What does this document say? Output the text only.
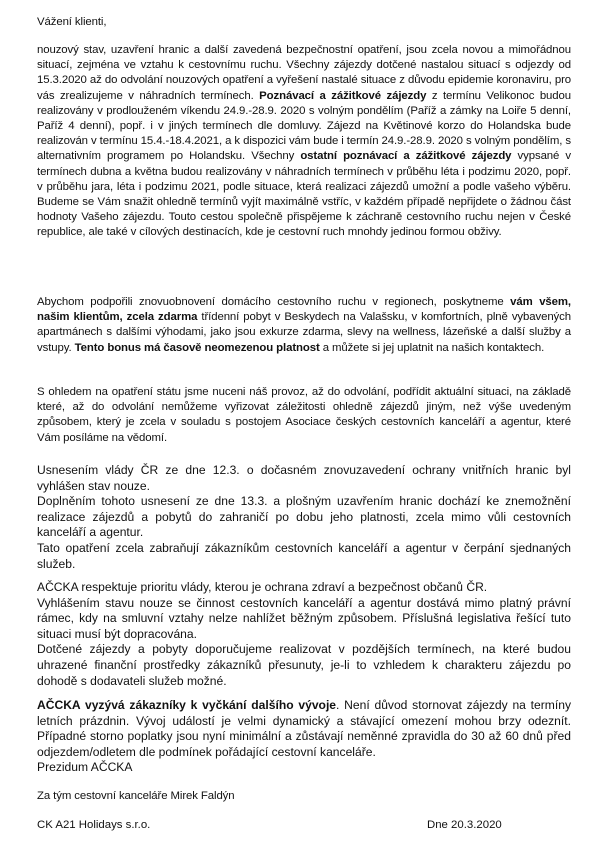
Vážení klienti,

nouzový stav, uzavření hranic a další zavedená bezpečnostní opatření, jsou zcela novou a mimořádnou situací, zejména ve vztahu k cestovnímu ruchu. Všechny zájezdy dotčené nastalou situací s odjezdy od 15.3.2020 až do odvolání nouzových opatření a vyřešení nastalé situace z důvodu epidemie koronaviru, pro vás zrealizujeme v náhradních termínech. Poznávací a zážitkové zájezdy z termínu Velikonoc budou realizovány v prodlouženém víkendu 24.9.-28.9. 2020 s volným pondělím (Paříž a zámky na Loiře 5 denní, Paříž 4 denní), popř. i v jiných termínech dle domluvy. Zájezd na Květinové korzo do Holandska bude realizován v termínu 15.4.-18.4.2021, a k dispozici vám bude i termín 24.9.-28.9. 2020 s volným pondělím, s alternativním programem po Holandsku. Všechny ostatní poznávací a zážitkové zájezdy vypsané v termínech dubna a května budou realizovány v náhradních termínech v průběhu léta i podzimu 2020, popř. v průběhu jara, léta i podzimu 2021, podle situace, která realizaci zájezdů umožní a podle vašeho výběru. Budeme se Vám snažit ohledně termínů vyjít maximálně vstříc, v každém případě nepřijdete o žádnou část hodnoty Vašeho zájezdu. Touto cestou společně přispějeme k záchraně cestovního ruchu nejen v České republice, ale také v cílových destinacích, kde je cestovní ruch mnohdy jedinou formou obživy.

Abychom podpořili znovuobnovení domácího cestovního ruchu v regionech, poskytneme vám všem, našim klientům, zcela zdarma třídenní pobyt v Beskydech na Valašsku, v komfortních, plně vybavených apartmánech s dalšími výhodami, jako jsou exkurze zdarma, slevy na wellness, lázeňské a další služby a vstupy. Tento bonus má časově neomezenou platnost a můžete si jej uplatnit na našich kontaktech.

S ohledem na opatření státu jsme nuceni náš provoz, až do odvolání, podřídit aktuální situaci, na základě které, až do odvolání nemůžeme vyřizovat záležitosti ohledně zájezdů jiným, než výše uvedeným způsobem, který je zcela v souladu s postojem Asociace českých cestovních kanceláří a agentur, které Vám posíláme na vědomí.

Usnesením vlády ČR ze dne 12.3. o dočasném znovuzavedení ochrany vnitřních hranic byl vyhlášen stav nouze.

Doplněním tohoto usnesení ze dne 13.3. a plošným uzavřením hranic dochází ke znemožnění realizace zájezdů a pobytů do zahraničí po dobu jeho platnosti, zcela mimo vůli cestovních kanceláří a agentur.

Tato opatření zcela zabraňují zákazníkům cestovních kanceláří a agentur v čerpání sjednaných služeb.

AČCKA respektuje prioritu vlády, kterou je ochrana zdraví a bezpečnost občanů ČR.

Vyhlášením stavu nouze se činnost cestovních kanceláří a agentur dostává mimo platný právní rámec, kdy na smluvní vztahy nelze nahlížet běžným způsobem. Příslušná legislativa řešící tuto situaci musí být dopracována.

Dotčené zájezdy a pobyty doporučujeme realizovat v pozdějších termínech, na které budou uhrazené finanční prostředky zákazníků přesunuty, je-li to vzhledem k charakteru zájezdu po dohodě s dodavateli služeb možné.

AČCKA vyzývá zákazníky k vyčkání dalšího vývoje. Není důvod stornovat zájezdy na termíny letních prázdnin. Vývoj událostí je velmi dynamický a stávající omezení mohou brzy odeznít. Případné storno poplatky jsou nyní minimální a zůstávají neměnné zpravidla do 30 až 60 dnů před odjezdem/odletem dle podmínek pořádající cestovní kanceláře.

Prezidum AČCKA

Za tým cestovní kanceláře Mirek Faldýn

CK A21 Holidays s.r.o.	Dne 20.3.2020
